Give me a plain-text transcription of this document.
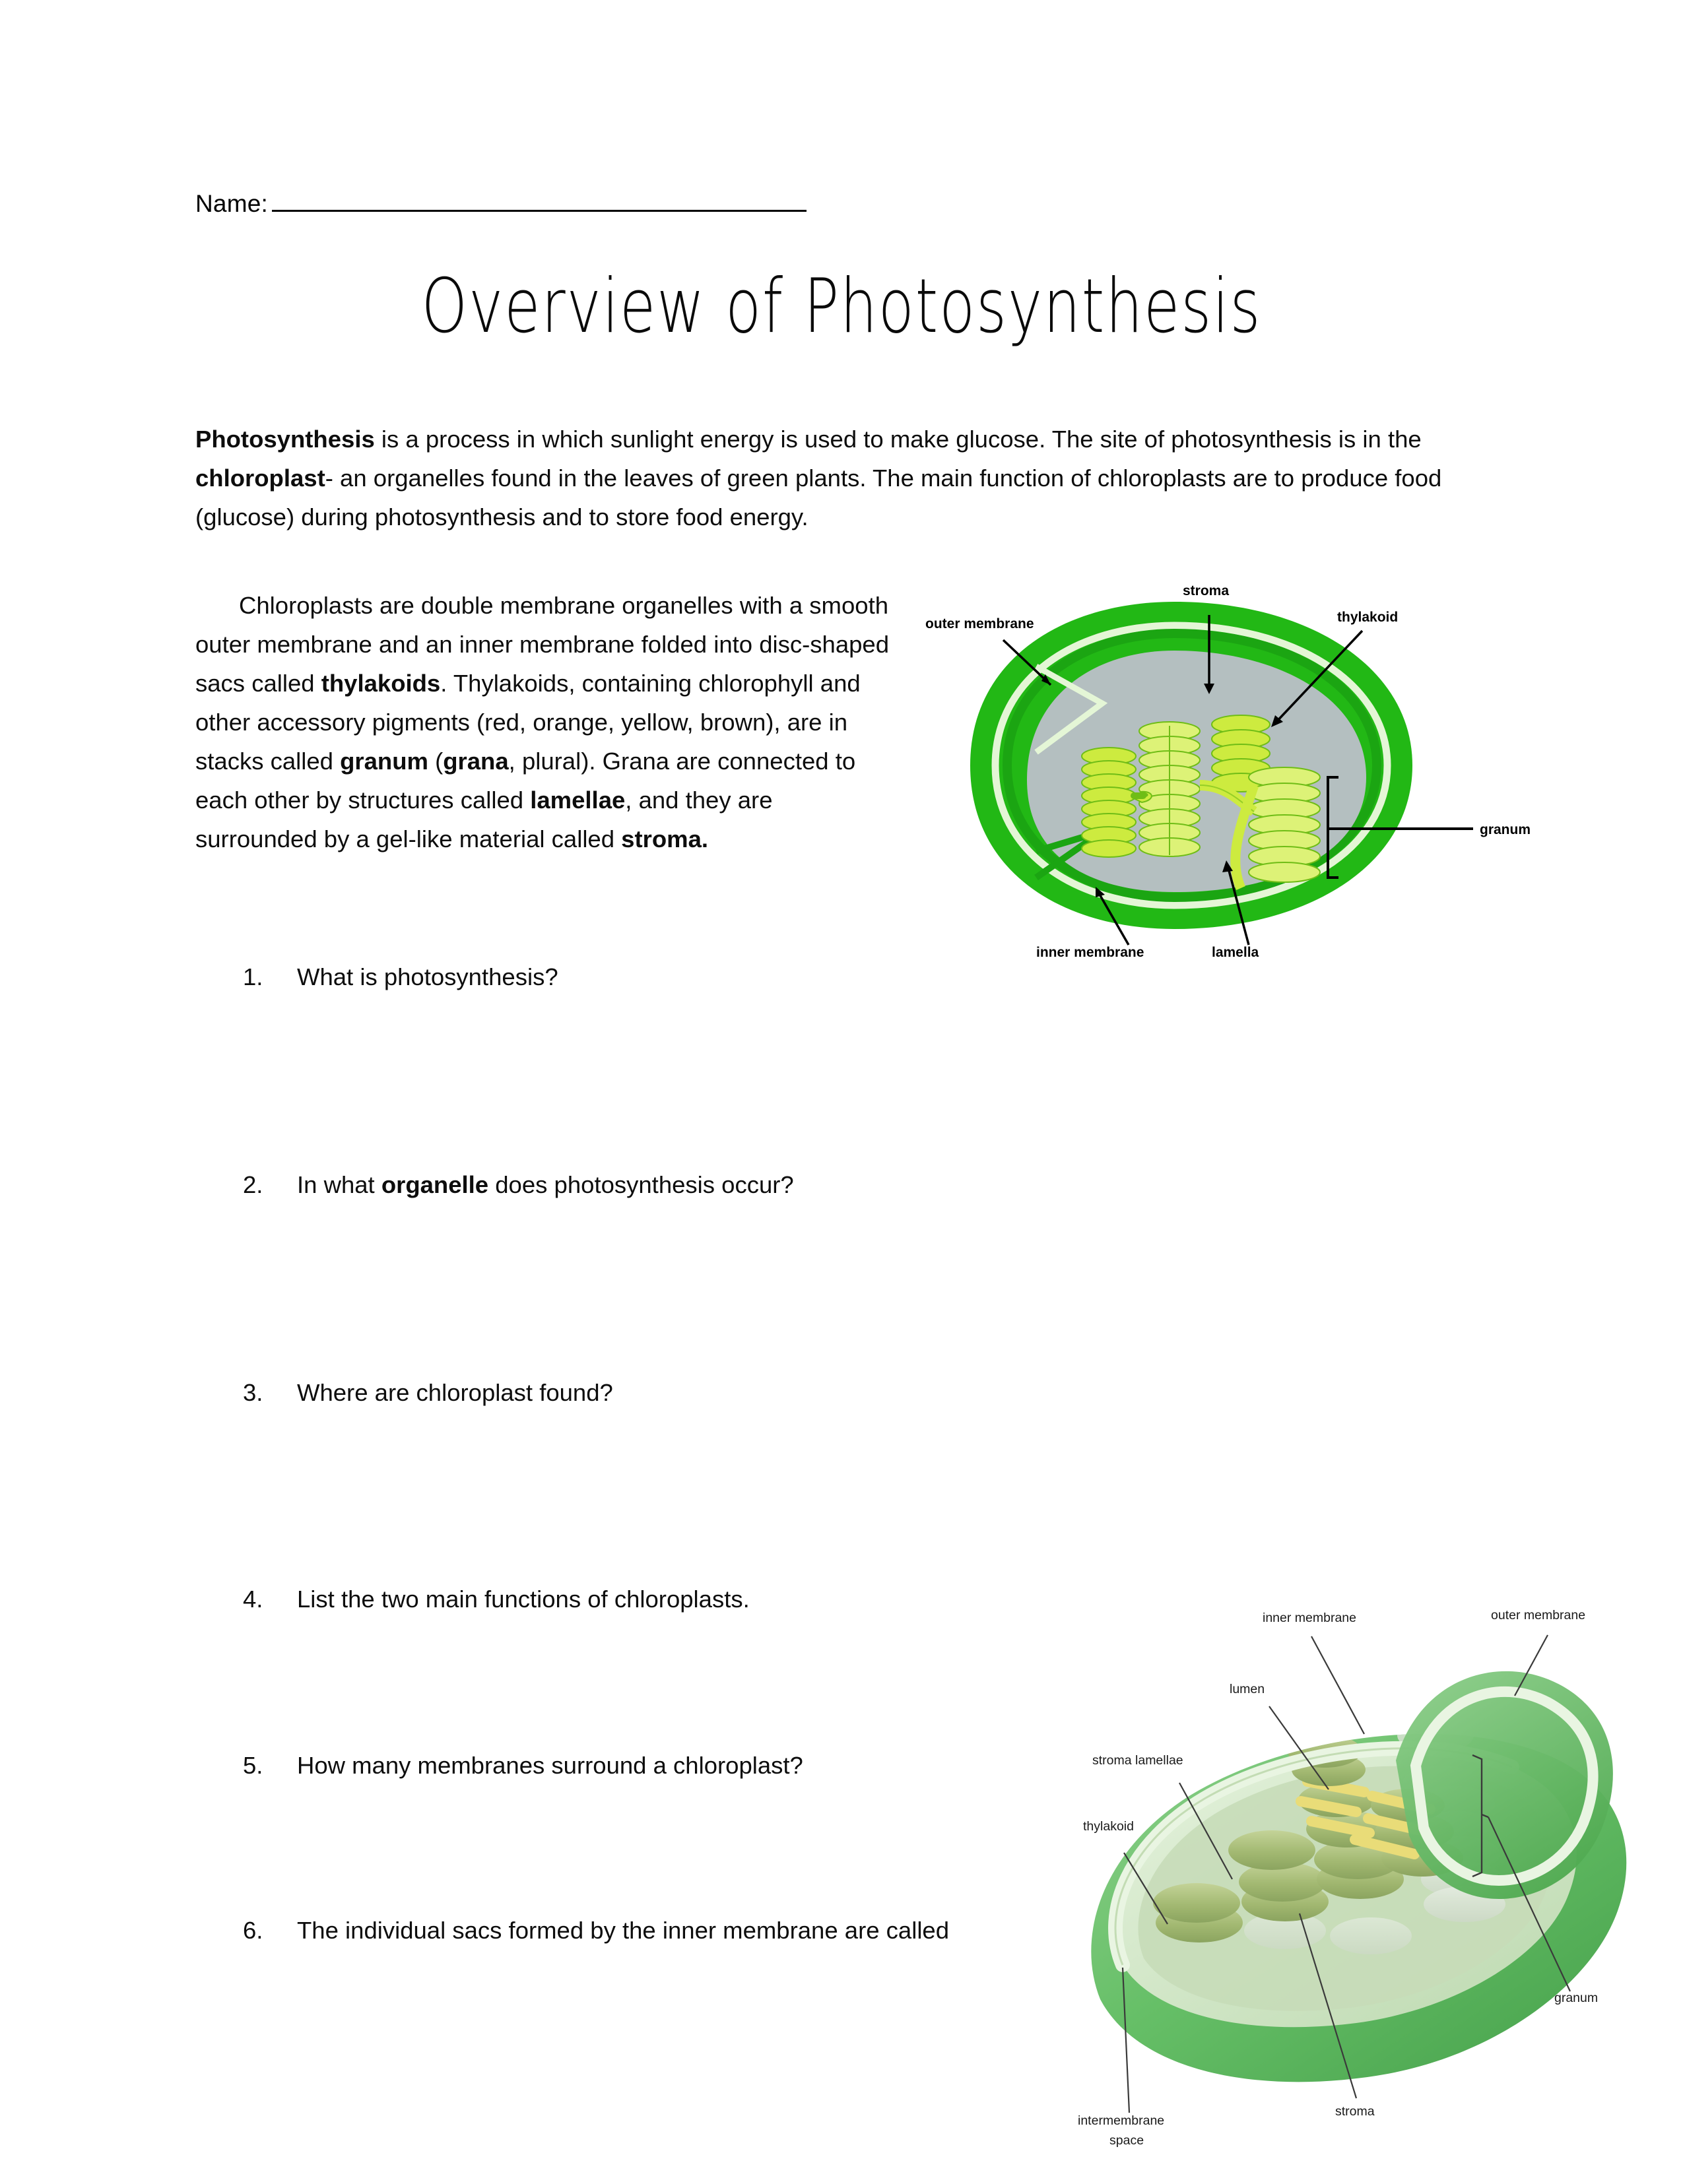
Name:
Overview of Photosynthesis
Photosynthesis is a process in which sunlight energy is used to make glucose. The site of photosynthesis is in the chloroplast- an organelles found in the leaves of green plants. The main function of chloroplasts are to produce food (glucose) during photosynthesis and to store food energy.
Chloroplasts are double membrane organelles with a smooth outer membrane and an inner membrane folded into disc-shaped sacs called thylakoids. Thylakoids, containing chlorophyll and other accessory pigments (red, orange, yellow, brown), are in stacks called granum (grana, plural). Grana are connected to each other by structures called lamellae, and they are surrounded by a gel-like material called stroma.
1.	What is photosynthesis?
2.	In what organelle does photosynthesis occur?
3.	Where are chloroplast found?
4.	List the two main functions of chloroplasts.
5.	How many membranes surround a chloroplast?
6.	The individual sacs formed by the inner membrane are called
outer membrane
stroma
thylakoid
granum
inner membrane	lamella
inner membrane	outer membrane
lumen
stroma lamellae
thylakoid
intermembrane
space
stroma
granum
